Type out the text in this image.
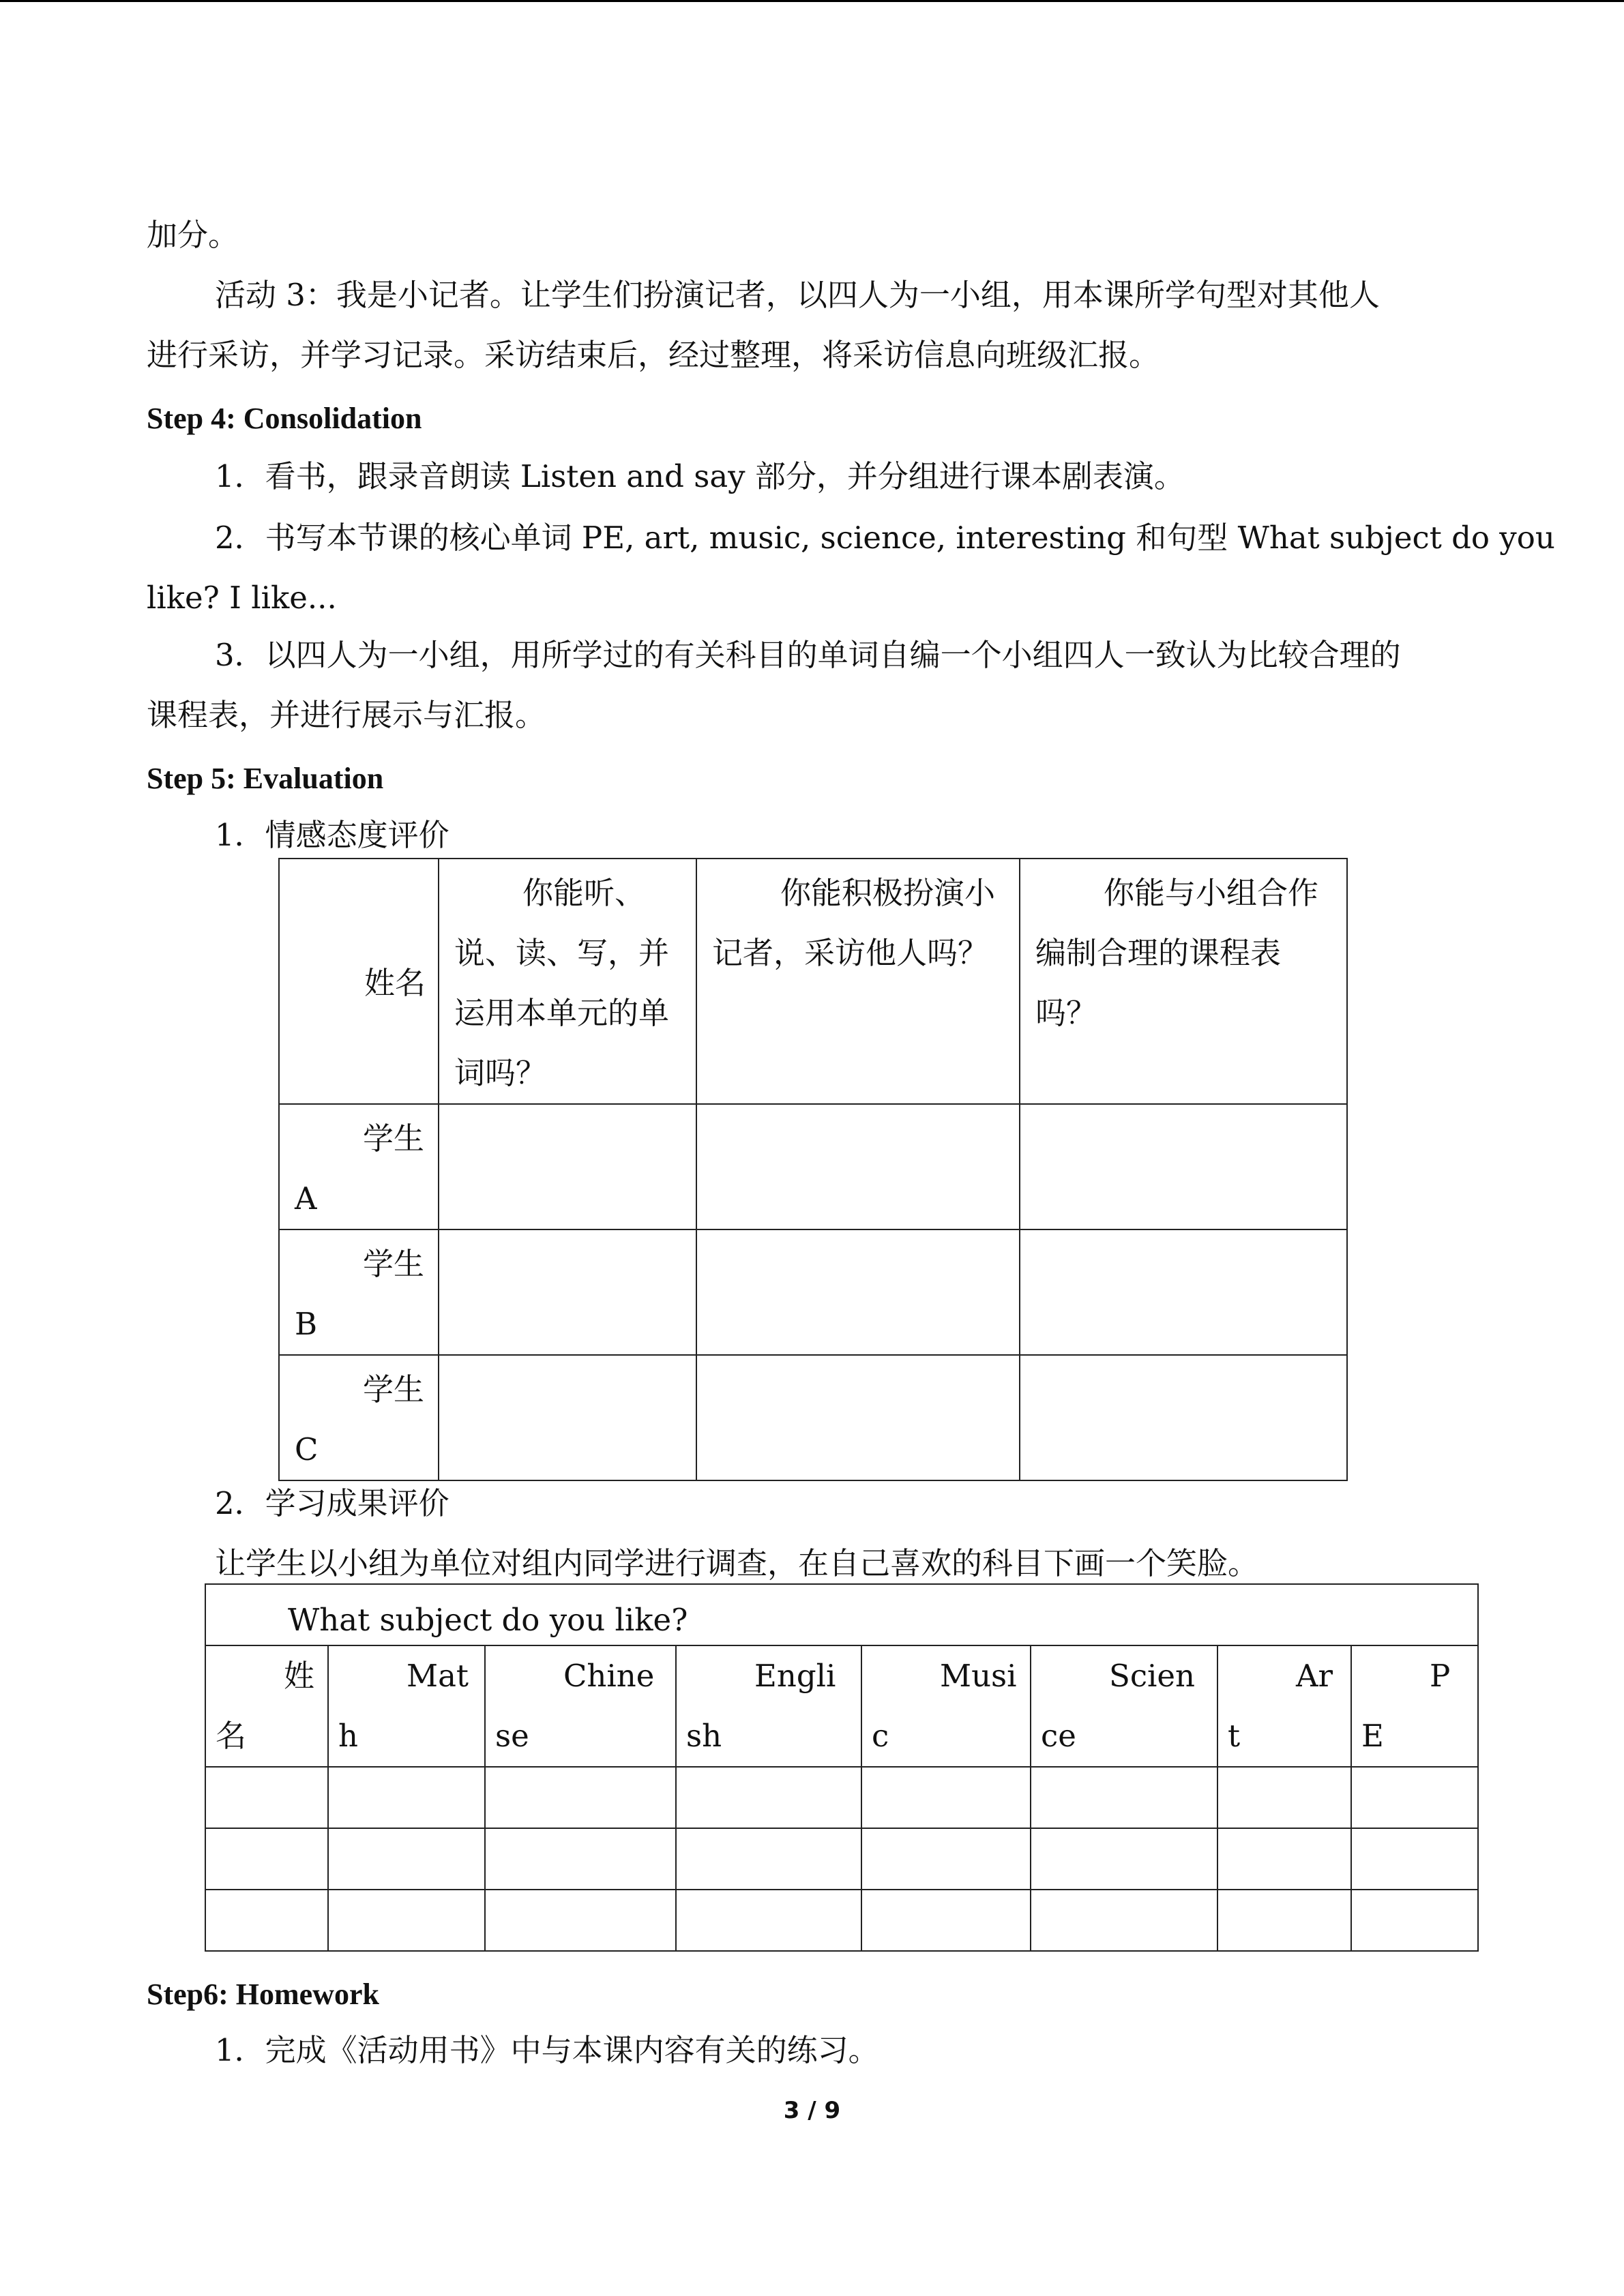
加分。
活动 3：我是小记者。让学生们扮演记者，以四人为一小组，用本课所学句型对其他人
进行采访，并学习记录。采访结束后，经过整理，将采访信息向班级汇报。
Step 4: Consolidation
1．看书，跟录音朗读 Listen and say 部分，并分组进行课本剧表演。
2．书写本节课的核心单词 PE, art, music, science, interesting 和句型 What subject do you
like? I like...
3．以四人为一小组，用所学过的有关科目的单词自编一个小组四人一致认为比较合理的
课程表，并进行展示与汇报。
Step 5: Evaluation
1．情感态度评价
姓名	你能听、说、读、写，并运用本单元的单词吗？	你能积极扮演小记者，采访他人吗？	你能与小组合作编制合理的课程表吗？
学生A			
学生B			
学生C			
2．学习成果评价
让学生以小组为单位对组内同学进行调查，在自己喜欢的科目下画一个笑脸。
What subject do you like?							
姓名	Math	Chinese	English	Music	Science	Art	PE

Step6: Homework
1．完成《活动用书》中与本课内容有关的练习。
3 / 9
